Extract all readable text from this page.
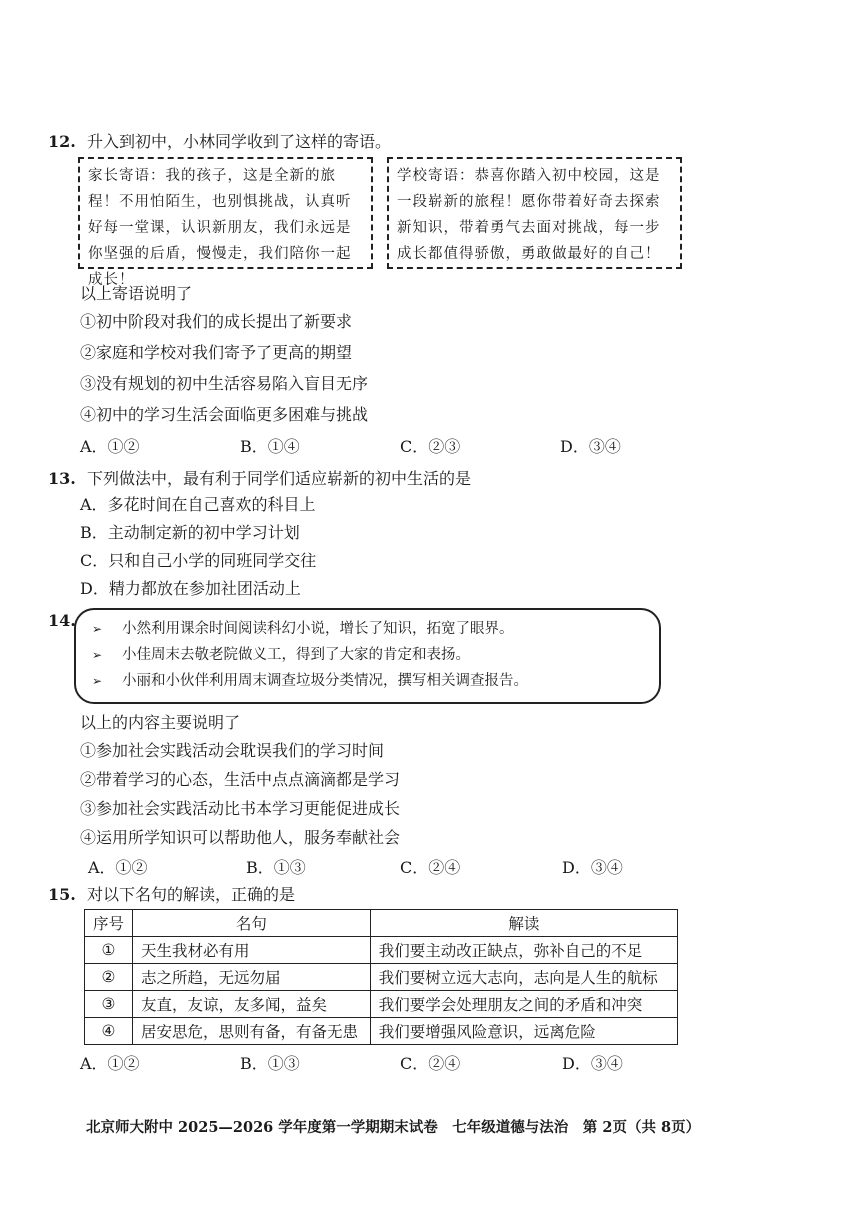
12. 升入到初中，小林同学收到了这样的寄语。
家长寄语：我的孩子，这是全新的旅程！不用怕陌生，也别惧挑战，认真听好每一堂课，认识新朋友，我们永远是你坚强的后盾，慢慢走，我们陪你一起成长！
学校寄语：恭喜你踏入初中校园，这是一段崭新的旅程！愿你带着好奇去探索新知识，带着勇气去面对挑战，每一步成长都值得骄傲，勇敢做最好的自己！
以上寄语说明了
①初中阶段对我们的成长提出了新要求
②家庭和学校对我们寄予了更高的期望
③没有规划的初中生活容易陷入盲目无序
④初中的学习生活会面临更多困难与挑战
A．①②	B．①④	C．②③	D．③④
13. 下列做法中，最有利于同学们适应崭新的初中生活的是
A．多花时间在自己喜欢的科目上
B．主动制定新的初中学习计划
C．只和自己小学的同班同学交往
D．精力都放在参加社团活动上
14. ➢ 小然利用课余时间阅读科幻小说，增长了知识，拓宽了眼界。
➢ 小佳周末去敬老院做义工，得到了大家的肯定和表扬。
➢ 小丽和小伙伴利用周末调查垃圾分类情况，撰写相关调查报告。
以上的内容主要说明了
①参加社会实践活动会耽误我们的学习时间
②带着学习的心态，生活中点点滴滴都是学习
③参加社会实践活动比书本学习更能促进成长
④运用所学知识可以帮助他人，服务奉献社会
A．①②	B．①③	C．②④	D．③④
15. 对以下名句的解读，正确的是
序号	名句	解读
①	天生我材必有用	我们要主动改正缺点，弥补自己的不足
②	志之所趋，无远勿届	我们要树立远大志向，志向是人生的航标
③	友直，友谅，友多闻，益矣	我们要学会处理朋友之间的矛盾和冲突
④	居安思危，思则有备，有备无患	我们要增强风险意识，远离危险
A．①②	B．①③	C．②④	D．③④
北京师大附中 2025—2026 学年度第一学期期末试卷　七年级道德与法治　第 2页（共 8页）
